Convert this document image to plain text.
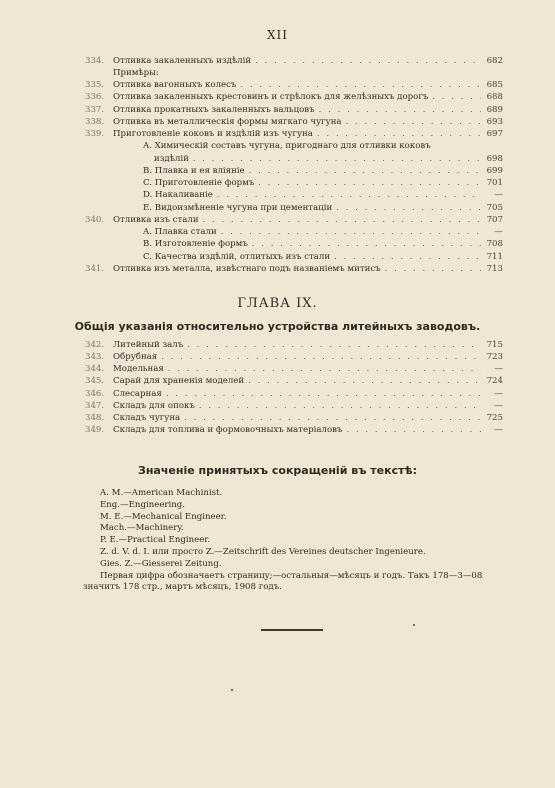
XII
334.	Отливка закаленныхъ издѣлій . . .	682
Примѣры:
335.	Отливка вагонныхъ колесъ . . .	685
336.	Отливка закаленныхъ крестовинъ и стрѣлокъ для желѣзныхъ дорогъ . . .	688
337.	Отливка прокатныхъ закаленныхъ вальцовъ . . .	689
338.	Отливка въ металлическія формы мягкаго чугуна . . .	693
339.	Приготовленіе коковъ и издѣлій изъ чугуна . . .	697
A. Химическій составъ чугуна, пригоднаго для отливки коковъ
издѣлій . . .	698
B. Плавка и ея вліяніе . . .	699
C. Приготовленіе формъ . . .	701
D. Накаливаніе . . .	—
E. Видоизмѣненіе чугуна при цементаціи . . .	705
340.	Отливка изъ стали . . .	707
A. Плавка стали . . .	—
B. Изготовленіе формъ . . .	708
C. Качества издѣлій, отлитыхъ изъ стали . . .	711
341.	Отливка изъ металла, извѣстнаго подъ названіемъ митисъ . . .	713
ГЛАВА IX.
Общія указанія относительно устройства литейныхъ заводовъ.
342.	Литейный залъ . . .	715
343.	Обрубная . . .	723
344.	Модельная . . .	—
345.	Сарай для храненія моделей . . .	724
346.	Слесарная . . .	—
347.	Складъ для опокъ . . .	—
348.	Складъ чугуна . . .	725
349.	Складъ для топлива и формовочныхъ матеріаловъ . . .	—
Значеніе принятыхъ сокращеній въ текстѣ:
A. M.—American Machinist.
Eng.—Engineering.
M. E.—Mechanical Engineer.
Mach.—Machinery.
P. E.—Practical Engineer.
Z. d. V. d. I. или просто Z.—Zeitschrift des Vereines deutscher Ingenieure.
Gies. Z.—Giesserei Zeitung.
Первая цифра обозначаетъ страницу;—остальныя—мѣсяцъ и годъ. Такъ 178—3—08
значитъ 178 стр., мартъ мѣсяцъ, 1908 годъ.
